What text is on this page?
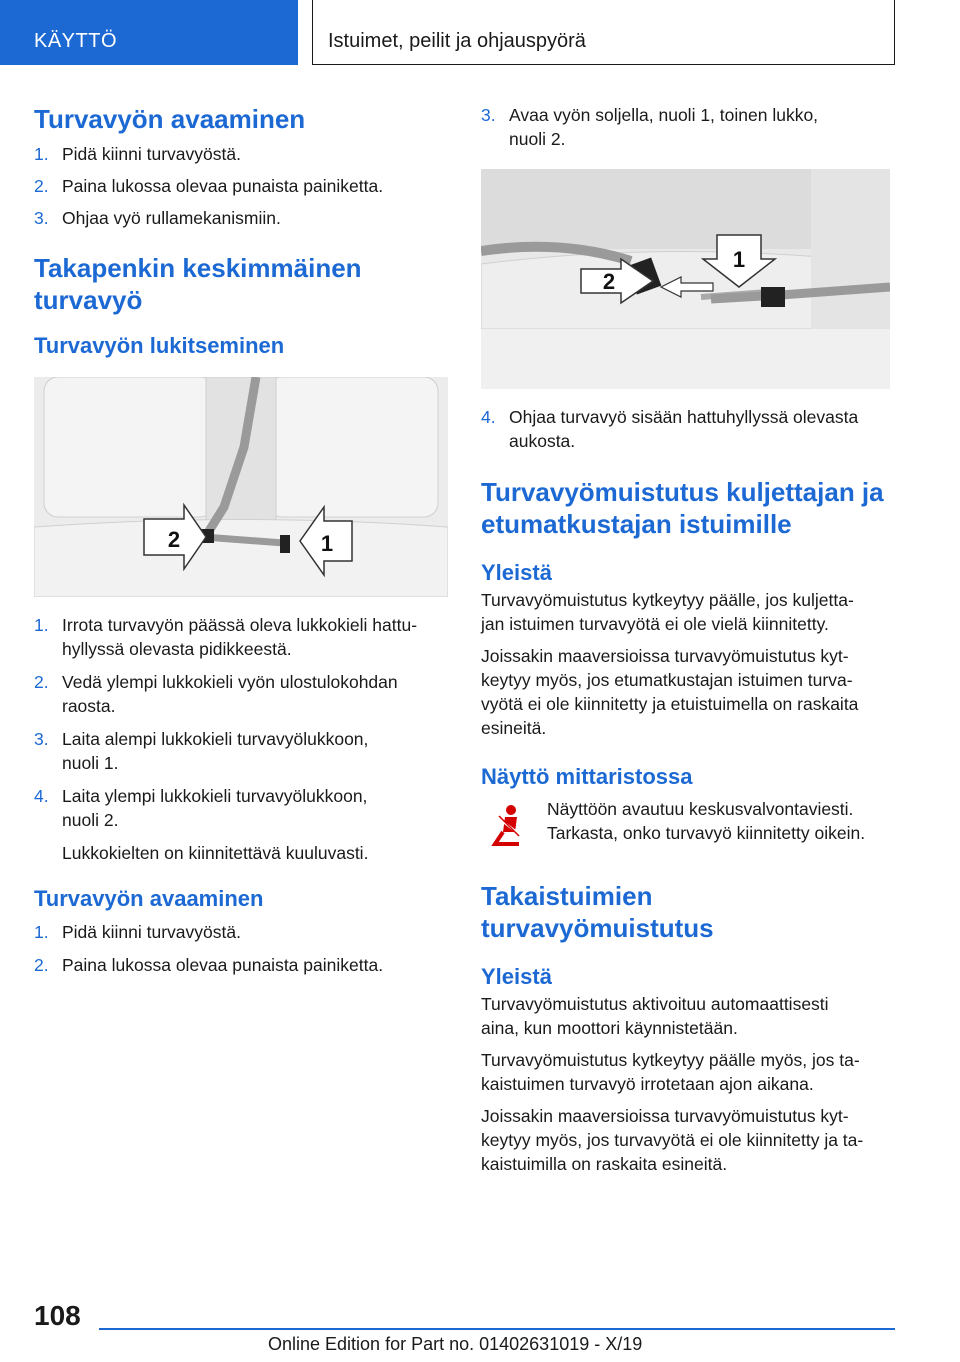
KÄYTTÖ	Istuimet, peilit ja ohjauspyörä
Turvavyön avaaminen
1. Pidä kiinni turvavyöstä.
2. Paina lukossa olevaa punaista painiketta.
3. Ohjaa vyö rullamekanismiin.
Takapenkin keskimmäinen
turvavyö
Turvavyön lukitseminen
2	1
1. Irrota turvavyön päässä oleva lukkokieli hattu-
hyllyssä olevasta pidikkeestä.
2. Vedä ylempi lukkokieli vyön ulostulokohdan
raosta.
3. Laita alempi lukkokieli turvavyölukkoon,
nuoli 1.
4. Laita ylempi lukkokieli turvavyölukkoon,
nuoli 2.
Lukkokielten on kiinnitettävä kuuluvasti.
Turvavyön avaaminen
1. Pidä kiinni turvavyöstä.
2. Paina lukossa olevaa punaista painiketta.
3. Avaa vyön soljella, nuoli 1, toinen lukko,
nuoli 2.
1
2
4. Ohjaa turvavyö sisään hattuhyllyssä olevasta
aukosta.
Turvavyömuistutus kuljettajan ja
etumatkustajan istuimille
Yleistä
Turvavyömuistutus kytkeytyy päälle, jos kuljetta-
jan istuimen turvavyötä ei ole vielä kiinnitetty.
Joissakin maaversioissa turvavyömuistutus kyt-
keytyy myös, jos etumatkustajan istuimen turva-
vyötä ei ole kiinnitetty ja etuistuimella on raskaita
esineitä.
Näyttö mittaristossa
Näyttöön avautuu keskusvalvontaviesti.
Tarkasta, onko turvavyö kiinnitetty oikein.
Takaistuimien
turvavyömuistutus
Yleistä
Turvavyömuistutus aktivoituu automaattisesti
aina, kun moottori käynnistetään.
Turvavyömuistutus kytkeytyy päälle myös, jos ta-
kaistuimen turvavyö irrotetaan ajon aikana.
Joissakin maaversioissa turvavyömuistutus kyt-
keytyy myös, jos turvavyötä ei ole kiinnitetty ja ta-
kaistuimilla on raskaita esineitä.
108
Online Edition for Part no. 01402631019 - X/19
